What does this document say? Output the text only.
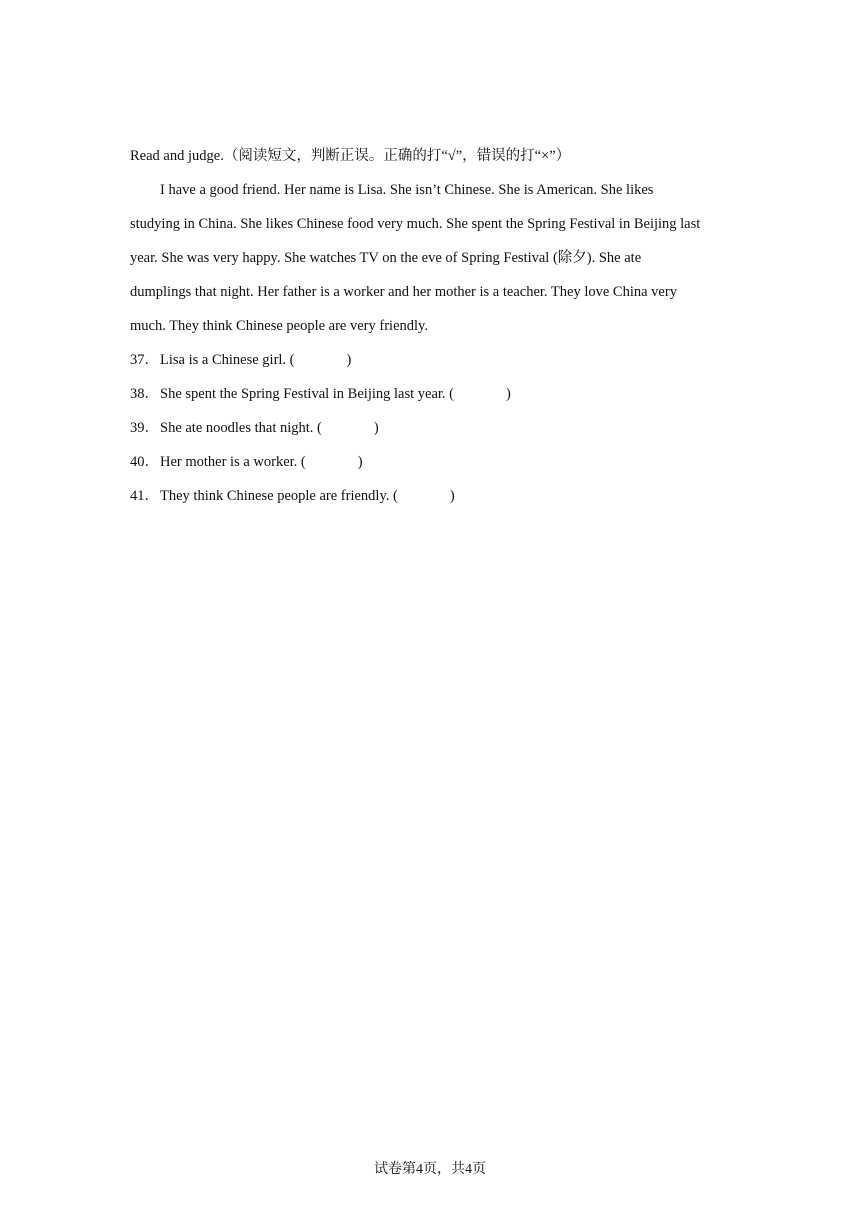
Read and judge.（阅读短文，判断正误。正确的打“√”，错误的打“×”）
I have a good friend. Her name is Lisa. She isn’t Chinese. She is American. She likes
studying in China. She likes Chinese food very much. She spent the Spring Festival in Beijing last
year. She was very happy. She watches TV on the eve of Spring Festival (除夕). She ate
dumplings that night. Her father is a worker and her mother is a teacher. They love China very
much. They think Chinese people are very friendly.
37．Lisa is a Chinese girl. (	)
38．She spent the Spring Festival in Beijing last year. (	)
39．She ate noodles that night. (	)
40．Her mother is a worker. (	)
41．They think Chinese people are friendly. (	)
试卷第4页，共4页
